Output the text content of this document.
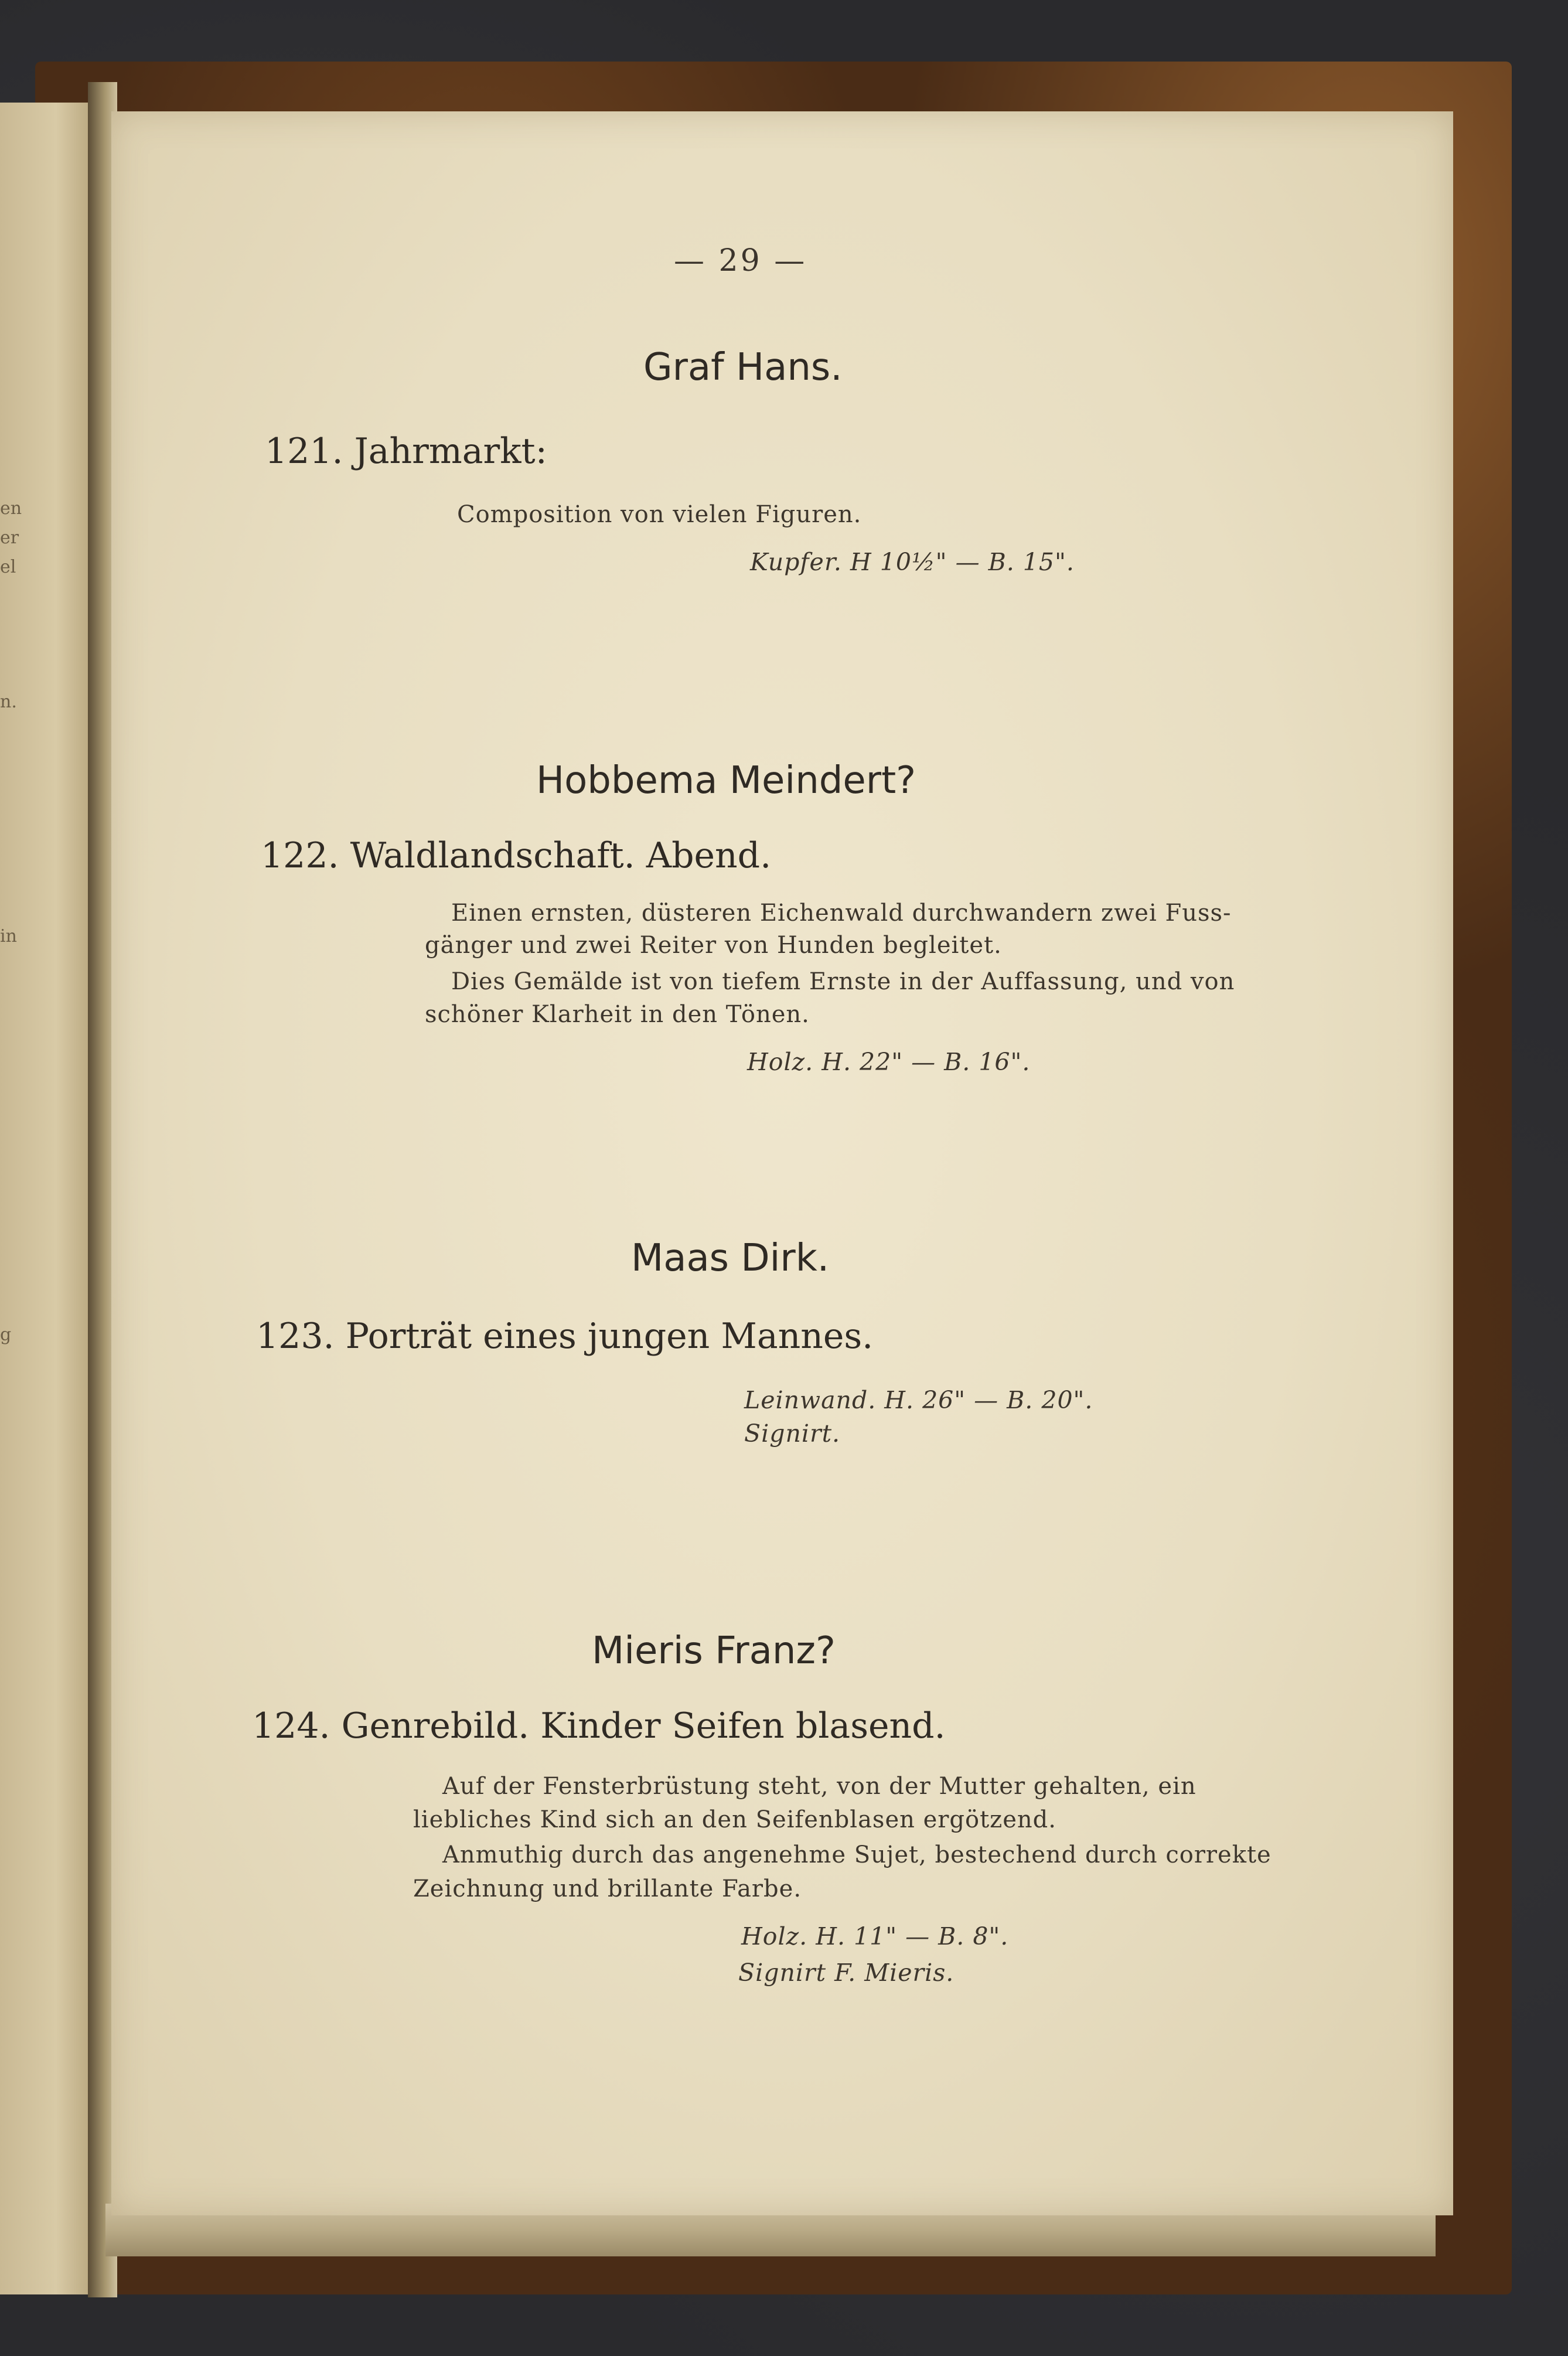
en
er
el
n.
in
g
— 29 —
Graf Hans.
121. Jahrmarkt:
Composition von vielen Figuren.
Kupfer. H 10½" — B. 15".
Hobbema Meindert?
122. Waldlandschaft. Abend.
Einen ernsten, düsteren Eichenwald durchwandern zwei Fuss-
gänger und zwei Reiter von Hunden begleitet.
Dies Gemälde ist von tiefem Ernste in der Auffassung, und von
schöner Klarheit in den Tönen.
Holz. H. 22" — B. 16".
Maas Dirk.
123. Porträt eines jungen Mannes.
Leinwand. H. 26" — B. 20".
Signirt.
Mieris Franz?
124. Genrebild. Kinder Seifen blasend.
Auf der Fensterbrüstung steht, von der Mutter gehalten, ein
liebliches Kind sich an den Seifenblasen ergötzend.
Anmuthig durch das angenehme Sujet, bestechend durch correkte
Zeichnung und brillante Farbe.
Holz. H. 11" — B. 8".
Signirt F. Mieris.
